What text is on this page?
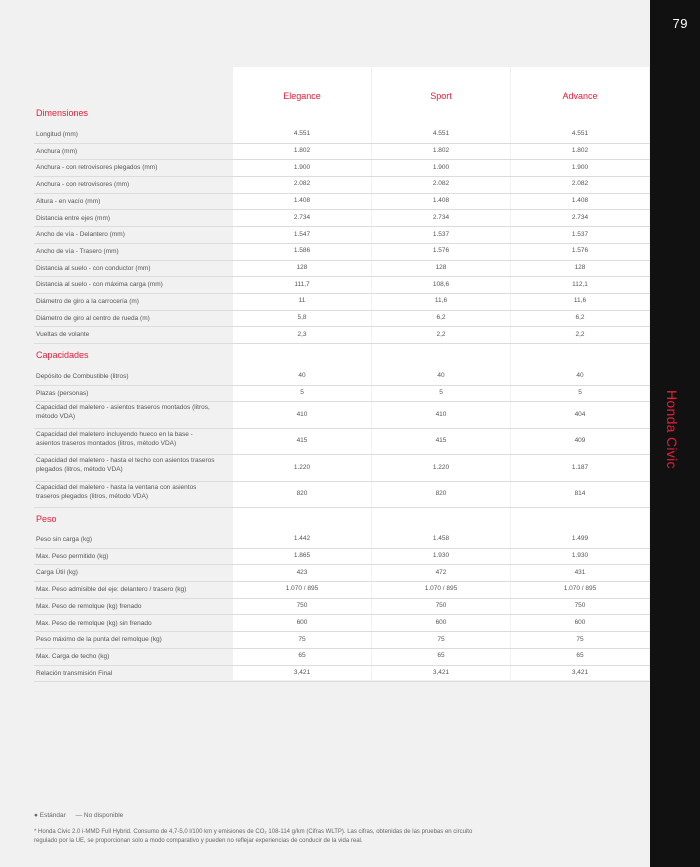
79
Honda Civic
Elegance	Sport	Advance
Dimensiones
Longitud (mm)	4.551	4.551	4.551
Anchura (mm)	1.802	1.802	1.802
Anchura - con retrovisores plegados (mm)	1.900	1.900	1.900
Anchura - con retrovisores (mm)	2.082	2.082	2.082
Altura - en vacío (mm)	1.408	1.408	1.408
Distancia entre ejes (mm)	2.734	2.734	2.734
Ancho de vía - Delantero (mm)	1.547	1.537	1.537
Ancho de vía - Trasero (mm)	1.586	1.576	1.576
Distancia al suelo - con conductor (mm)	128	128	128
Distancia al suelo - con máxima carga (mm)	111,7	108,6	112,1
Diámetro de giro a la carrocería (m)	11	11,6	11,6
Diámetro de giro al centro de rueda (m)	5,8	6,2	6,2
Vueltas de volante	2,3	2,2	2,2
Capacidades
Depósito de Combustible (litros)	40	40	40
Plazas (personas)	5	5	5
Capacidad del maletero - asientos traseros montados (litros, método VDA)	410	410	404
Capacidad del maletero incluyendo hueco en la base - asientos traseros montados (litros, método VDA)	415	415	409
Capacidad del maletero - hasta el techo con asientos traseros plegados (litros, método VDA)	1.220	1.220	1.187
Capacidad del maletero - hasta la ventana con asientos traseros plegados (litros, método VDA)	820	820	814
Peso
Peso sin carga (kg)	1.442	1.458	1.499
Max. Peso permitido (kg)	1.865	1.930	1.930
Carga Útil (kg)	423	472	431
Max. Peso admisible del eje: delantero / trasero (kg)	1.070 / 895	1.070 / 895	1.070 / 895
Max. Peso de remolque (kg) frenado	750	750	750
Max. Peso de remolque (kg) sin frenado	600	600	600
Peso máximo de la punta del remolque (kg)	75	75	75
Max. Carga de techo (kg)	65	65	65
Relación transmisión Final	3,421	3,421	3,421
● Estándar — No disponible
* Honda Civic 2.0 i-MMD Full Hybrid. Consumo de 4,7-5,0 l/100 km y emisiones de CO₂ 108-114 g/km (Cifras WLTP). Las cifras, obtenidas de las pruebas en circuito regulado por la UE, se proporcionan solo a modo comparativo y pueden no reflejar experiencias de conducir de la vida real.
